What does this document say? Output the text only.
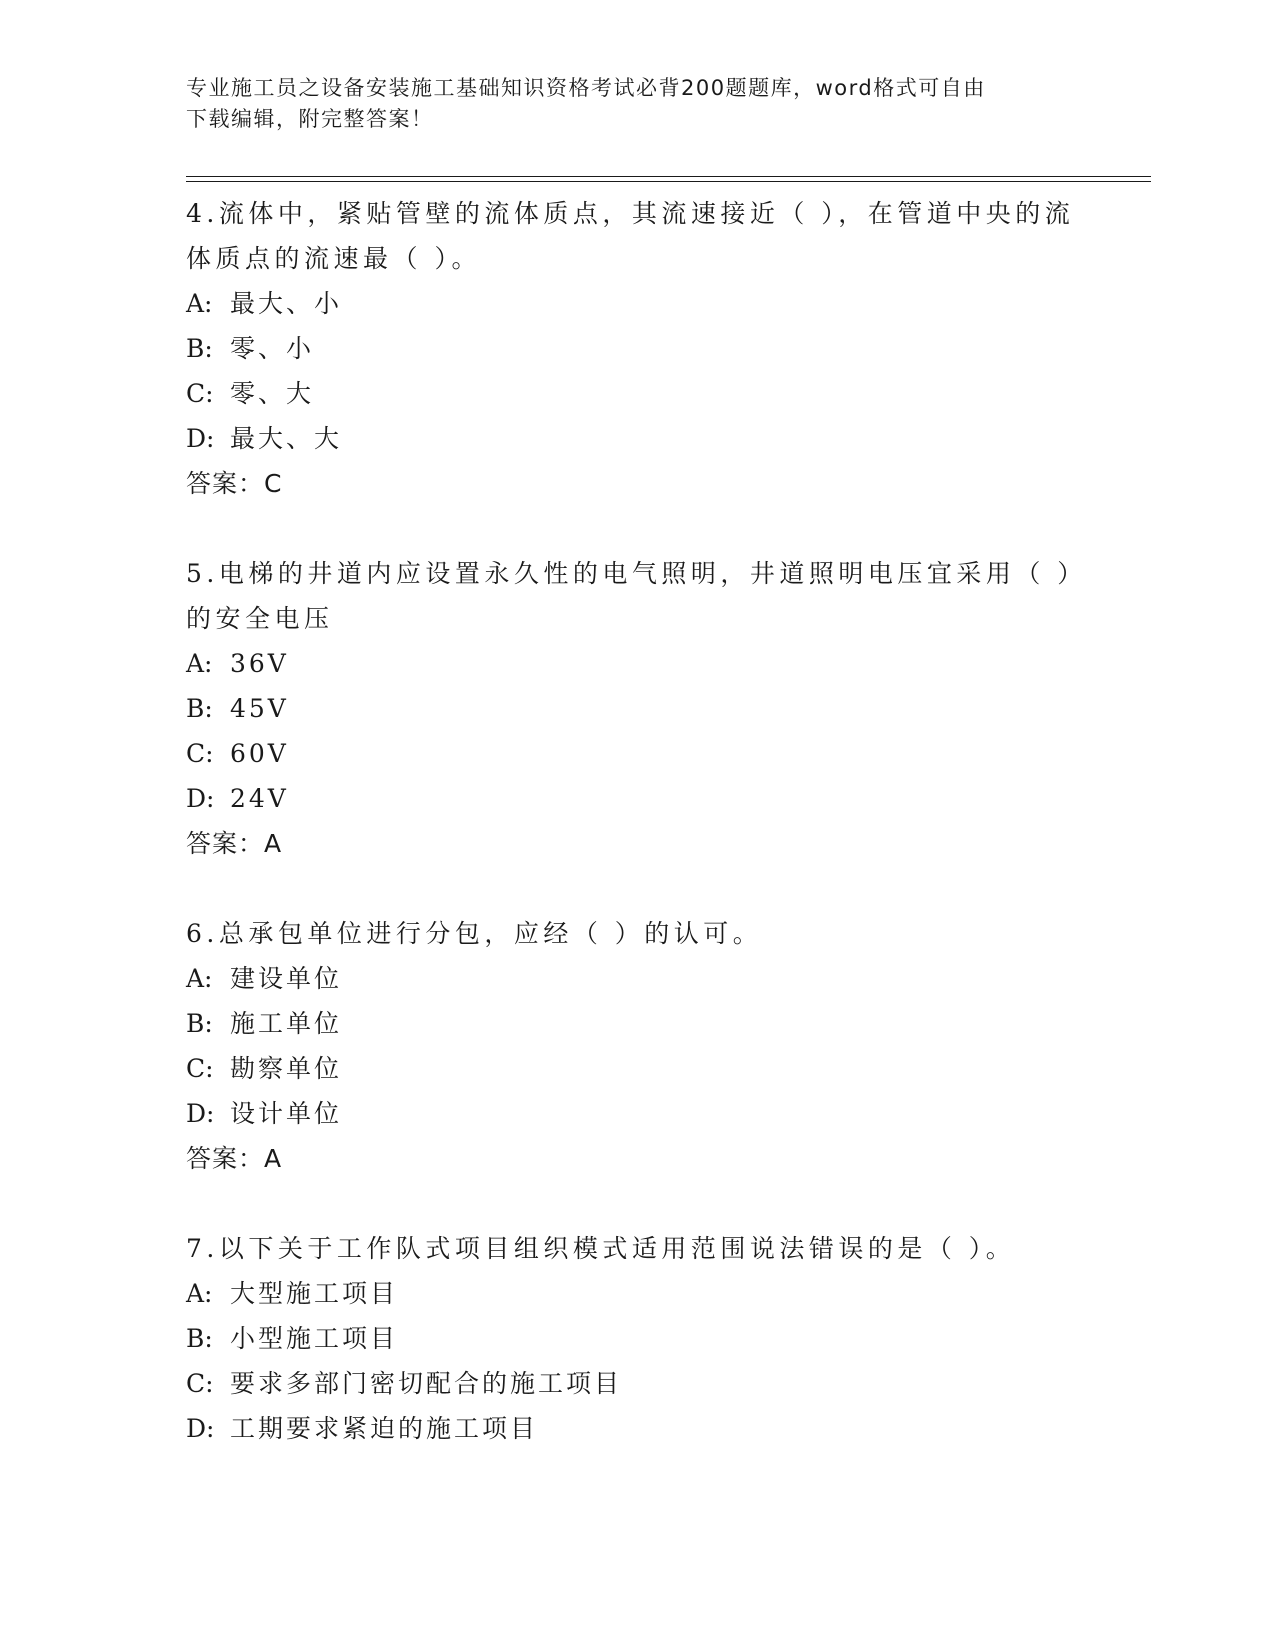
专业施工员之设备安装施工基础知识资格考试必背200题题库，word格式可自由
下载编辑，附完整答案！

4.流体中，紧贴管壁的流体质点，其流速接近（ ），在管道中央的流

体质点的流速最（ ）。

A: 最大、小

B: 零、小

C: 零、大

D: 最大、大

答案：C

5.电梯的井道内应设置永久性的电气照明，井道照明电压宜采用（ ）

的安全电压

A: 36V

B: 45V

C: 60V

D: 24V

答案：A

6.总承包单位进行分包，应经（ ）的认可。

A: 建设单位

B: 施工单位

C: 勘察单位

D: 设计单位

答案：A

7.以下关于工作队式项目组织模式适用范围说法错误的是（ ）。

A: 大型施工项目

B: 小型施工项目

C: 要求多部门密切配合的施工项目

D: 工期要求紧迫的施工项目
